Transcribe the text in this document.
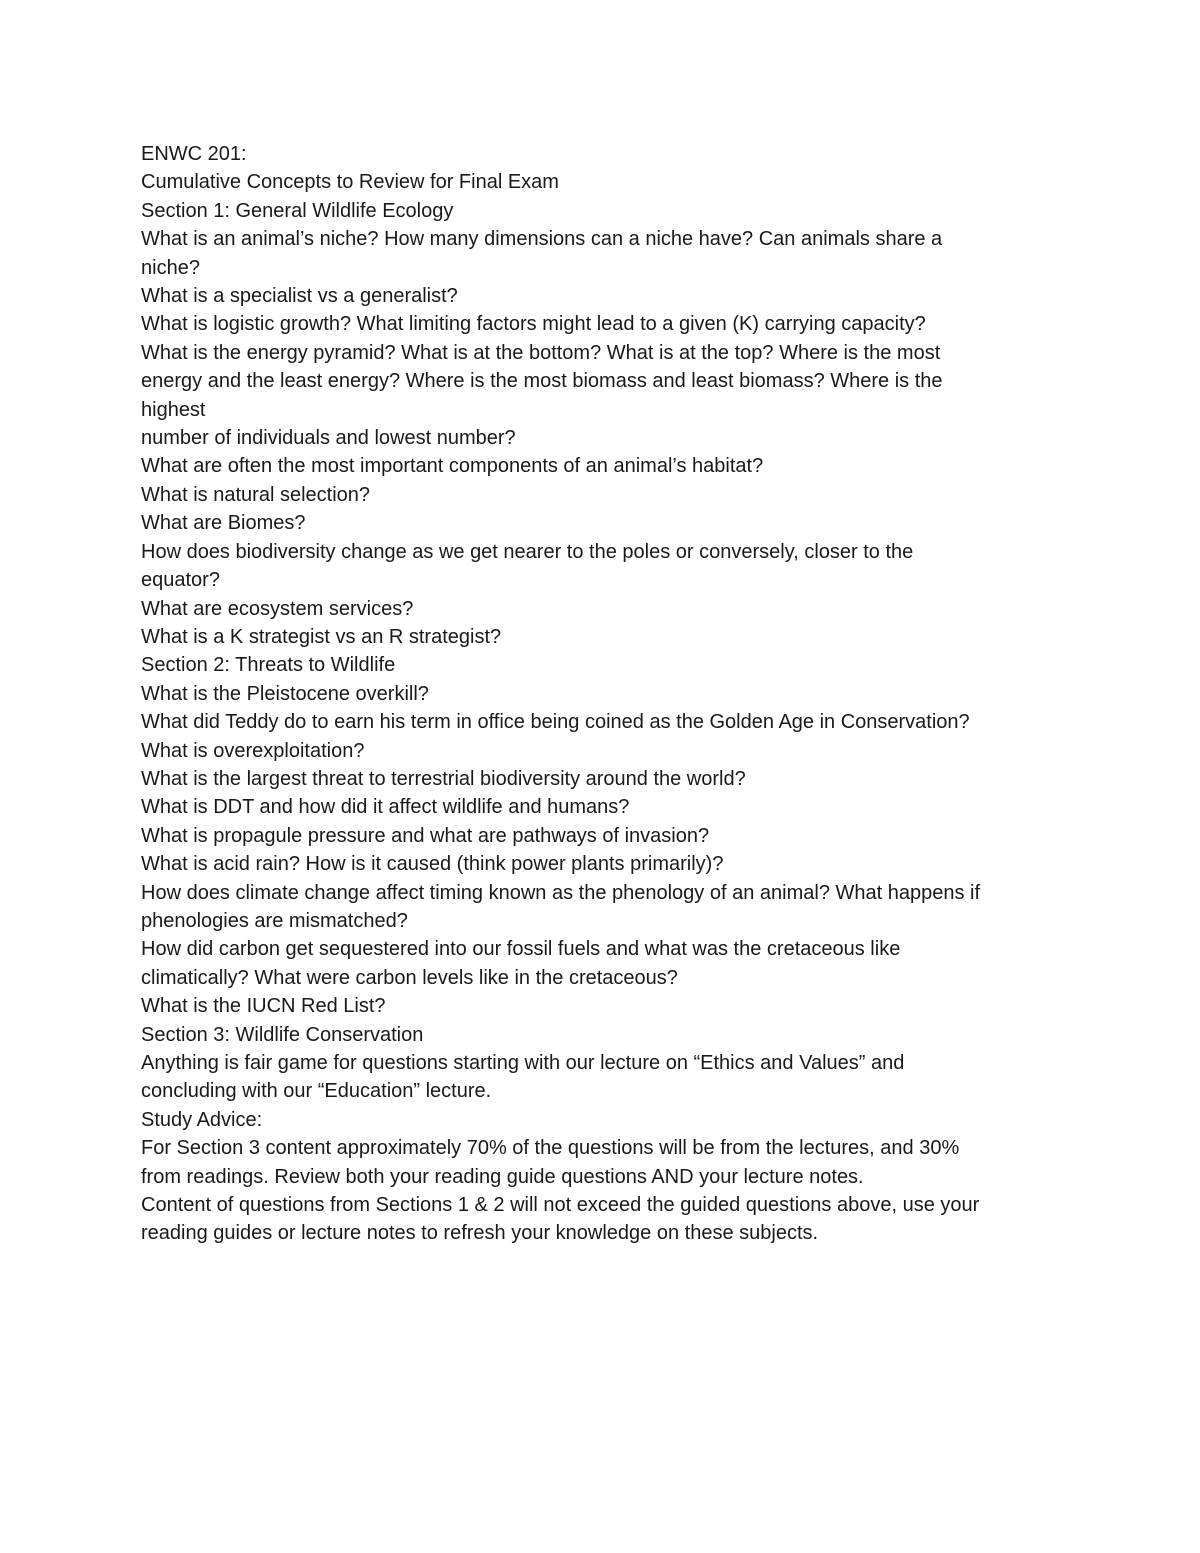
ENWC 201:
Cumulative Concepts to Review for Final Exam
Section 1: General Wildlife Ecology
What is an animal’s niche? How many dimensions can a niche have? Can animals share a
niche?
What is a specialist vs a generalist?
What is logistic growth? What limiting factors might lead to a given (K) carrying capacity?
What is the energy pyramid? What is at the bottom? What is at the top? Where is the most
energy and the least energy? Where is the most biomass and least biomass? Where is the
highest
number of individuals and lowest number?
What are often the most important components of an animal’s habitat?
What is natural selection?
What are Biomes?
How does biodiversity change as we get nearer to the poles or conversely, closer to the
equator?
What are ecosystem services?
What is a K strategist vs an R strategist?
Section 2: Threats to Wildlife
What is the Pleistocene overkill?
What did Teddy do to earn his term in office being coined as the Golden Age in Conservation?
What is overexploitation?
What is the largest threat to terrestrial biodiversity around the world?
What is DDT and how did it affect wildlife and humans?
What is propagule pressure and what are pathways of invasion?
What is acid rain? How is it caused (think power plants primarily)?
How does climate change affect timing known as the phenology of an animal? What happens if
phenologies are mismatched?
How did carbon get sequestered into our fossil fuels and what was the cretaceous like
climatically? What were carbon levels like in the cretaceous?
What is the IUCN Red List?
Section 3: Wildlife Conservation
Anything is fair game for questions starting with our lecture on “Ethics and Values” and
concluding with our “Education” lecture.
Study Advice:
For Section 3 content approximately 70% of the questions will be from the lectures, and 30%
from readings. Review both your reading guide questions AND your lecture notes.
Content of questions from Sections 1 & 2 will not exceed the guided questions above, use your
reading guides or lecture notes to refresh your knowledge on these subjects.
